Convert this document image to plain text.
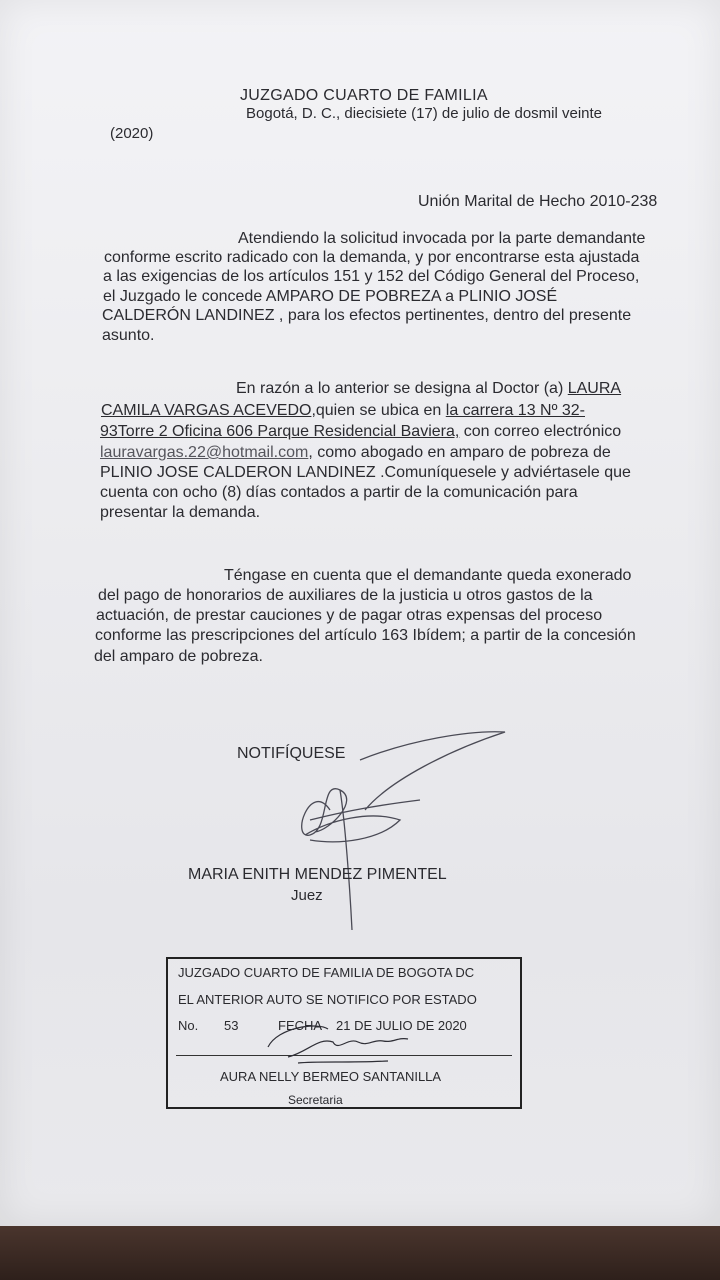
JUZGADO CUARTO DE FAMILIA
Bogotá, D. C., diecisiete (17) de julio de dosmil veinte
(2020)
Unión Marital de Hecho 2010-238
Atendiendo la solicitud invocada por la parte demandante
conforme escrito radicado con la demanda, y por encontrarse esta ajustada
a las exigencias de los artículos 151 y 152 del Código General del Proceso,
el Juzgado le concede AMPARO DE POBREZA a PLINIO JOSÉ
CALDERÓN LANDINEZ , para los efectos pertinentes, dentro del presente
asunto.
En razón a lo anterior se designa al Doctor (a) LAURA
CAMILA VARGAS ACEVEDO,quien se ubica en la carrera 13 Nº 32-
93Torre 2 Oficina 606 Parque Residencial Baviera, con correo electrónico
lauravargas.22@hotmail.com, como abogado en amparo de pobreza de
PLINIO JOSE CALDERON LANDINEZ .Comuníquesele y adviértasele que
cuenta con ocho (8) días contados a partir de la comunicación para
presentar la demanda.
Téngase en cuenta que el demandante queda exonerado
del pago de honorarios de auxiliares de la justicia u otros gastos de la
actuación, de prestar cauciones y de pagar otras expensas del proceso
conforme las prescripciones del artículo 163 Ibídem; a partir de la concesión
del amparo de pobreza.
NOTIFÍQUESE
MARIA ENITH MENDEZ PIMENTEL
Juez
JUZGADO CUARTO DE FAMILIA DE BOGOTA DC
EL ANTERIOR AUTO SE NOTIFICO POR ESTADO
No. 53	FECHA 21 DE JULIO DE 2020
AURA NELLY BERMEO SANTANILLA
Secretaria
